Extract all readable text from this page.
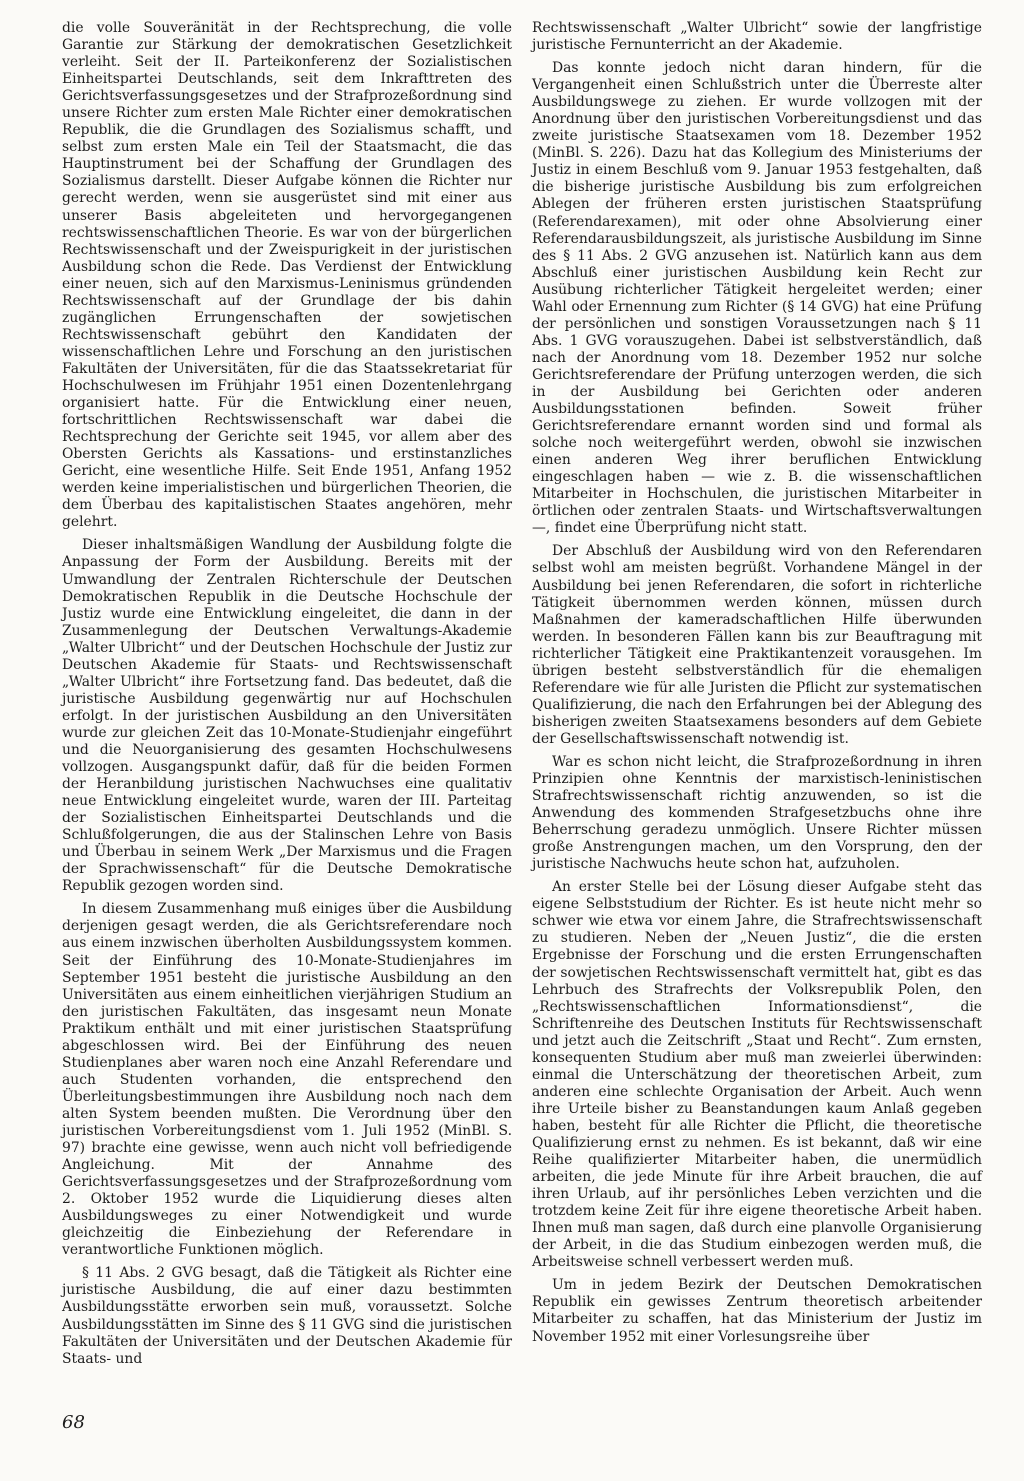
die volle Souveränität in der Rechtsprechung, die volle Garantie zur Stärkung der demokratischen Gesetzlichkeit verleiht. Seit der II. Parteikonferenz der Sozialistischen Einheitspartei Deutschlands, seit dem Inkrafttreten des Gerichtsverfassungsgesetzes und der Strafprozeßordnung sind unsere Richter zum ersten Male Richter einer demokratischen Republik, die die Grundlagen des Sozialismus schafft, und selbst zum ersten Male ein Teil der Staatsmacht, die das Hauptinstrument bei der Schaffung der Grundlagen des Sozialismus darstellt. Dieser Aufgabe können die Richter nur gerecht werden, wenn sie ausgerüstet sind mit einer aus unserer Basis abgeleiteten und hervorgegangenen rechtswissenschaftlichen Theorie. Es war von der bürgerlichen Rechtswissenschaft und der Zweispurigkeit in der juristischen Ausbildung schon die Rede. Das Verdienst der Entwicklung einer neuen, sich auf den Marxismus-Leninismus gründenden Rechtswissenschaft auf der Grundlage der bis dahin zugänglichen Errungenschaften der sowjetischen Rechtswissenschaft gebührt den Kandidaten der wissenschaftlichen Lehre und Forschung an den juristischen Fakultäten der Universitäten, für die das Staatssekretariat für Hochschulwesen im Frühjahr 1951 einen Dozentenlehrgang organisiert hatte. Für die Entwicklung einer neuen, fortschrittlichen Rechtswissenschaft war dabei die Rechtsprechung der Gerichte seit 1945, vor allem aber des Obersten Gerichts als Kassations- und erstinstanzliches Gericht, eine wesentliche Hilfe. Seit Ende 1951, Anfang 1952 werden keine imperialistischen und bürgerlichen Theorien, die dem Überbau des kapitalistischen Staates angehören, mehr gelehrt.

Dieser inhaltsmäßigen Wandlung der Ausbildung folgte die Anpassung der Form der Ausbildung. Bereits mit der Umwandlung der Zentralen Richterschule der Deutschen Demokratischen Republik in die Deutsche Hochschule der Justiz wurde eine Entwicklung eingeleitet, die dann in der Zusammenlegung der Deutschen Verwaltungs-Akademie „Walter Ulbricht“ und der Deutschen Hochschule der Justiz zur Deutschen Akademie für Staats- und Rechtswissenschaft „Walter Ulbricht“ ihre Fortsetzung fand. Das bedeutet, daß die juristische Ausbildung gegenwärtig nur auf Hochschulen erfolgt. In der juristischen Ausbildung an den Universitäten wurde zur gleichen Zeit das 10-Monate-Studienjahr eingeführt und die Neuorganisierung des gesamten Hochschulwesens vollzogen. Ausgangspunkt dafür, daß für die beiden Formen der Heranbildung juristischen Nachwuchses eine qualitativ neue Entwicklung eingeleitet wurde, waren der III. Parteitag der Sozialistischen Einheitspartei Deutschlands und die Schlußfolgerungen, die aus der Stalinschen Lehre von Basis und Überbau in seinem Werk „Der Marxismus und die Fragen der Sprachwissenschaft“ für die Deutsche Demokratische Republik gezogen worden sind.

In diesem Zusammenhang muß einiges über die Ausbildung derjenigen gesagt werden, die als Gerichtsreferendare noch aus einem inzwischen überholten Ausbildungssystem kommen. Seit der Einführung des 10-Monate-Studienjahres im September 1951 besteht die juristische Ausbildung an den Universitäten aus einem einheitlichen vierjährigen Studium an den juristischen Fakultäten, das insgesamt neun Monate Praktikum enthält und mit einer juristischen Staatsprüfung abgeschlossen wird. Bei der Einführung des neuen Studienplanes aber waren noch eine Anzahl Referendare und auch Studenten vorhanden, die entsprechend den Überleitungsbestimmungen ihre Ausbildung noch nach dem alten System beenden mußten. Die Verordnung über den juristischen Vorbereitungsdienst vom 1. Juli 1952 (MinBl. S. 97) brachte eine gewisse, wenn auch nicht voll befriedigende Angleichung. Mit der Annahme des Gerichtsverfassungsgesetzes und der Strafprozeßordnung vom 2. Oktober 1952 wurde die Liquidierung dieses alten Ausbildungsweges zu einer Notwendigkeit und wurde gleichzeitig die Einbeziehung der Referendare in verantwortliche Funktionen möglich.

§ 11 Abs. 2 GVG besagt, daß die Tätigkeit als Richter eine juristische Ausbildung, die auf einer dazu bestimmten Ausbildungsstätte erworben sein muß, voraussetzt. Solche Ausbildungsstätten im Sinne des § 11 GVG sind die juristischen Fakultäten der Universitäten und der Deutschen Akademie für Staats- und

Rechtswissenschaft „Walter Ulbricht“ sowie der langfristige juristische Fernunterricht an der Akademie.

Das konnte jedoch nicht daran hindern, für die Vergangenheit einen Schlußstrich unter die Überreste alter Ausbildungswege zu ziehen. Er wurde vollzogen mit der Anordnung über den juristischen Vorbereitungsdienst und das zweite juristische Staatsexamen vom 18. Dezember 1952 (MinBl. S. 226). Dazu hat das Kollegium des Ministeriums der Justiz in einem Beschluß vom 9. Januar 1953 festgehalten, daß die bisherige juristische Ausbildung bis zum erfolgreichen Ablegen der früheren ersten juristischen Staatsprüfung (Referendarexamen), mit oder ohne Absolvierung einer Referendarausbildungszeit, als juristische Ausbildung im Sinne des § 11 Abs. 2 GVG anzusehen ist. Natürlich kann aus dem Abschluß einer juristischen Ausbildung kein Recht zur Ausübung richterlicher Tätigkeit hergeleitet werden; einer Wahl oder Ernennung zum Richter (§ 14 GVG) hat eine Prüfung der persönlichen und sonstigen Voraussetzungen nach § 11 Abs. 1 GVG vorauszugehen. Dabei ist selbstverständlich, daß nach der Anordnung vom 18. Dezember 1952 nur solche Gerichtsreferendare der Prüfung unterzogen werden, die sich in der Ausbildung bei Gerichten oder anderen Ausbildungsstationen befinden. Soweit früher Gerichtsreferendare ernannt worden sind und formal als solche noch weitergeführt werden, obwohl sie inzwischen einen anderen Weg ihrer beruflichen Entwicklung eingeschlagen haben — wie z. B. die wissenschaftlichen Mitarbeiter in Hochschulen, die juristischen Mitarbeiter in örtlichen oder zentralen Staats- und Wirtschaftsverwaltungen —, findet eine Überprüfung nicht statt.

Der Abschluß der Ausbildung wird von den Referendaren selbst wohl am meisten begrüßt. Vorhandene Mängel in der Ausbildung bei jenen Referendaren, die sofort in richterliche Tätigkeit übernommen werden können, müssen durch Maßnahmen der kameradschaftlichen Hilfe überwunden werden. In besonderen Fällen kann bis zur Beauftragung mit richterlicher Tätigkeit eine Praktikantenzeit vorausgehen. Im übrigen besteht selbstverständlich für die ehemaligen Referendare wie für alle Juristen die Pflicht zur systematischen Qualifizierung, die nach den Erfahrungen bei der Ablegung des bisherigen zweiten Staatsexamens besonders auf dem Gebiete der Gesellschaftswissenschaft notwendig ist.

War es schon nicht leicht, die Strafprozeßordnung in ihren Prinzipien ohne Kenntnis der marxistisch-leninistischen Strafrechtswissenschaft richtig anzuwenden, so ist die Anwendung des kommenden Strafgesetzbuchs ohne ihre Beherrschung geradezu unmöglich. Unsere Richter müssen große Anstrengungen machen, um den Vorsprung, den der juristische Nachwuchs heute schon hat, aufzuholen.

An erster Stelle bei der Lösung dieser Aufgabe steht das eigene Selbststudium der Richter. Es ist heute nicht mehr so schwer wie etwa vor einem Jahre, die Strafrechtswissenschaft zu studieren. Neben der „Neuen Justiz“, die die ersten Ergebnisse der Forschung und die ersten Errungenschaften der sowjetischen Rechtswissenschaft vermittelt hat, gibt es das Lehrbuch des Strafrechts der Volksrepublik Polen, den „Rechtswissenschaftlichen Informationsdienst“, die Schriftenreihe des Deutschen Instituts für Rechtswissenschaft und jetzt auch die Zeitschrift „Staat und Recht“. Zum ernsten, konsequenten Studium aber muß man zweierlei überwinden: einmal die Unterschätzung der theoretischen Arbeit, zum anderen eine schlechte Organisation der Arbeit. Auch wenn ihre Urteile bisher zu Beanstandungen kaum Anlaß gegeben haben, besteht für alle Richter die Pflicht, die theoretische Qualifizierung ernst zu nehmen. Es ist bekannt, daß wir eine Reihe qualifizierter Mitarbeiter haben, die unermüdlich arbeiten, die jede Minute für ihre Arbeit brauchen, die auf ihren Urlaub, auf ihr persönliches Leben verzichten und die trotzdem keine Zeit für ihre eigene theoretische Arbeit haben. Ihnen muß man sagen, daß durch eine planvolle Organisierung der Arbeit, in die das Studium einbezogen werden muß, die Arbeitsweise schnell verbessert werden muß.

Um in jedem Bezirk der Deutschen Demokratischen Republik ein gewisses Zentrum theoretisch arbeitender Mitarbeiter zu schaffen, hat das Ministerium der Justiz im November 1952 mit einer Vorlesungsreihe über

68
